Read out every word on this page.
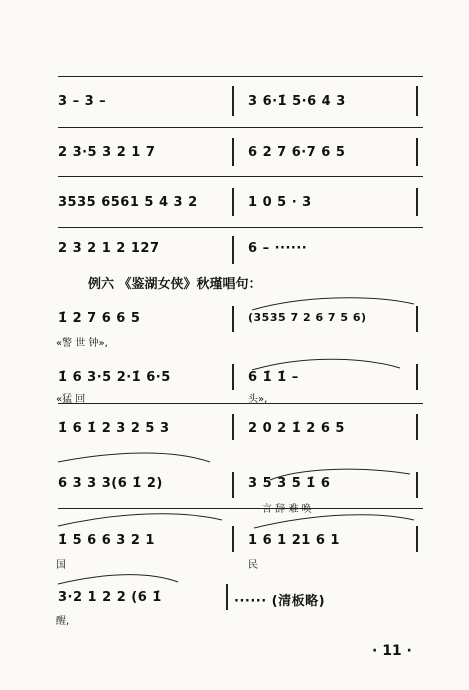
3 – 3 –	3 6·1̇ 5·6 4 3
2 3·5 3 2 1 7	6 2 7 6·7 6 5
3535 6561 5 4 3 2	1 0 5 · 3
2 3 2 1 2 127	6 – ······
例六 《鉴湖女侠》秋瑾唱句：
1̇ 2 7 6 6 5	(3535 7 2 6 7 5 6)
«警 世 钟»,
1̇ 6 3·5 2·1̇ 6·5	6 1̇ 1̇ –
«猛 回	头»,
1̇ 6 1̇ 2 3 2 5 3	2 0 2 1̇ 2 6 5
6 3 3 3(6 1̇ 2)	3 5 3 5 1̇ 6
言 辞 难 唤
1̇ 5 6 6 3 2 1	1 6 1 21 6 1
国	民
3·2 1 2 2 (6 1̇	······ (清板略)
醒,
· 11 ·
